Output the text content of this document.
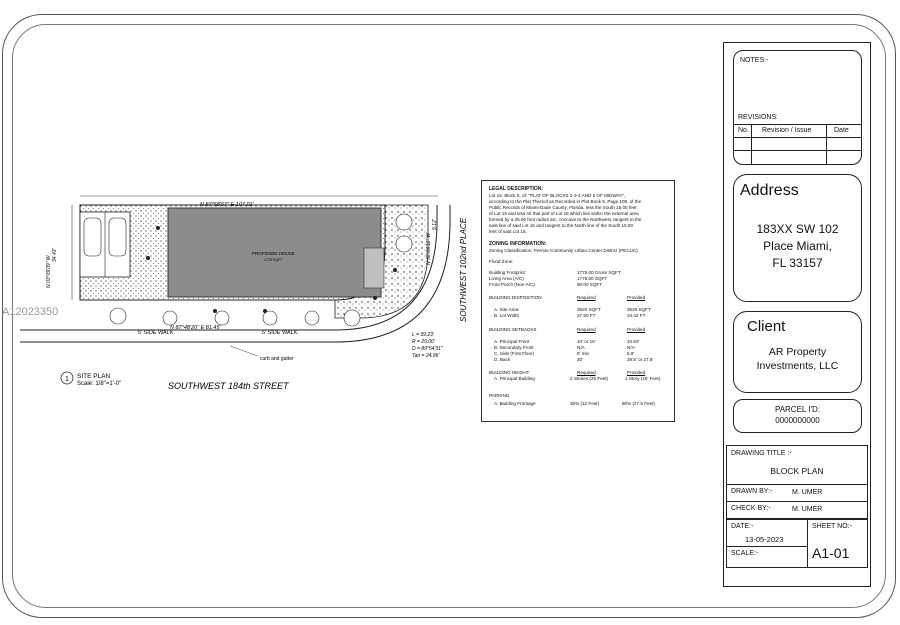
N 87°58'57" E 107.01'
PROPOSED HOUSE
1775 SQFT
N 87°48'20" E 81.45'
5' SIDE WALK	5' SIDE WALK
curb and gutter
SOUTHWEST 184th STREET
SOUTHWEST 102nd PLACE
N 02°06'11" W
9.12'
N 03°09'09" W
34.43'
L = 39.23'
R = 25.00'
D = 89°54'31"
Tan = 24.96'
1 SITE PLAN
Scale: 1/8"=1'-0"
A12023350
LEGAL DESCRIPTION:
Lot 16, Block 5, of: "PLAT OF BLOCKS 2-3-4 AND 5 OF MIDWAY",
according to the Plat Thereof as Recorded in Plat Book 6, Page 109, of the
Public Records of Miami-Dade County, Florida, less the South 15.00 feet
of Lot 16 and less All that part of Lot 16 which lies within the external area
formed by a 25.00 foot radius arc, concave to the Northwest, tangent to the
east line of said Lot 16 and tangent to the North line of the South 15.00
feet of said Lot 16.
ZONING INFORMATION:
Zoning Classification: Perrine Community Urban Center District (PECUC)
Flood Zone:
Building Footprint:	1775.00 Gross SQFT
Living Area (A/C)	1775.00 SQFT
Front Porch (Non-A/C)	90.00 SQFT
BUILDING DISPOSITION	Required	Provided
A. Site Area:	3520 SQFT	3520 SQFT
B. Lot Width	37.50 FT	34.42 FT
BUILDING SETBACKS	Required	Provided
A. Principal Front	10' or 15'	10.83'
B. Secondary Front	N/A	N/A
C. Side (First Floor)	5' min	6.8'
D. Back	20'	28.5' or 27.8'
BUILDING HEIGHT	Required	Provided
A. Principal Building	2 Stories (25 Feet)	1 Story (18' Feet)
PARKING
A. Building Frontage	35% (12 Feet)	80% (27.5 Feet)
NOTES:-
REVISIONS:
No. Revision / Issue	Date
Address
183XX SW 102
Place Miami,
FL 33157
Client
AR Property
Investments, LLC
PARCEL I'D:
0000000000
DRAWING TITLE :-
BLOCK PLAN
DRAWN BY:-	M. UMER
CHECK BY:-	M. UMER
DATE:-
13-05-2023
SCALE:-
SHEET NO:-
A1-01
